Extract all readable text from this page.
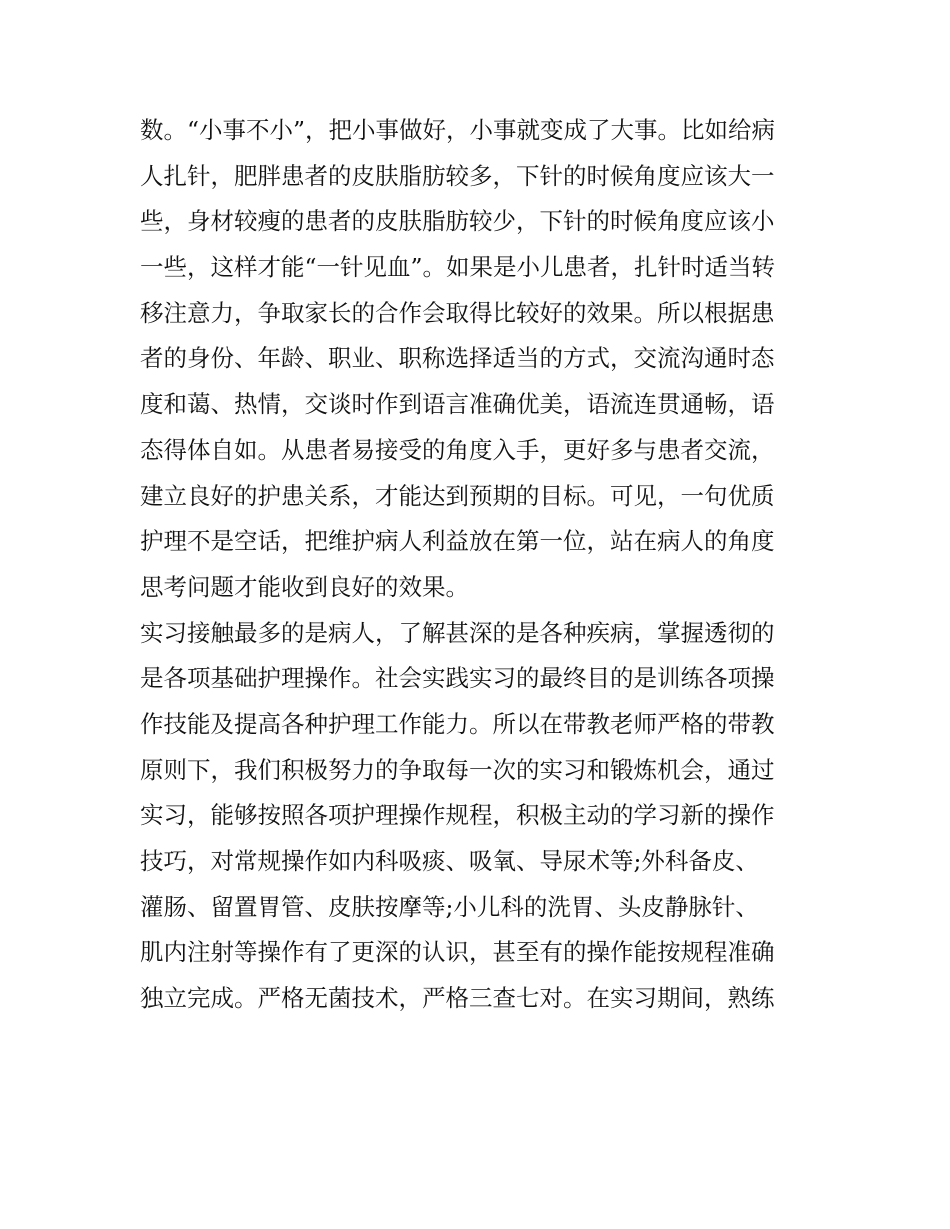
数。“小事不小”，把小事做好，小事就变成了大事。比如给病
人扎针，肥胖患者的皮肤脂肪较多，下针的时候角度应该大一
些，身材较瘦的患者的皮肤脂肪较少，下针的时候角度应该小
一些，这样才能“一针见血”。如果是小儿患者，扎针时适当转
移注意力，争取家长的合作会取得比较好的效果。所以根据患
者的身份、年龄、职业、职称选择适当的方式，交流沟通时态
度和蔼、热情，交谈时作到语言准确优美，语流连贯通畅，语
态得体自如。从患者易接受的角度入手，更好多与患者交流，
建立良好的护患关系，才能达到预期的目标。可见，一句优质
护理不是空话，把维护病人利益放在第一位，站在病人的角度
思考问题才能收到良好的效果。
实习接触最多的是病人，了解甚深的是各种疾病，掌握透彻的
是各项基础护理操作。社会实践实习的最终目的是训练各项操
作技能及提高各种护理工作能力。所以在带教老师严格的带教
原则下，我们积极努力的争取每一次的实习和锻炼机会，通过
实习，能够按照各项护理操作规程，积极主动的学习新的操作
技巧，对常规操作如内科吸痰、吸氧、导尿术等;外科备皮、
灌肠、留置胃管、皮肤按摩等;小儿科的洗胃、头皮静脉针、
肌内注射等操作有了更深的认识，甚至有的操作能按规程准确
独立完成。严格无菌技术，严格三查七对。在实习期间，熟练
